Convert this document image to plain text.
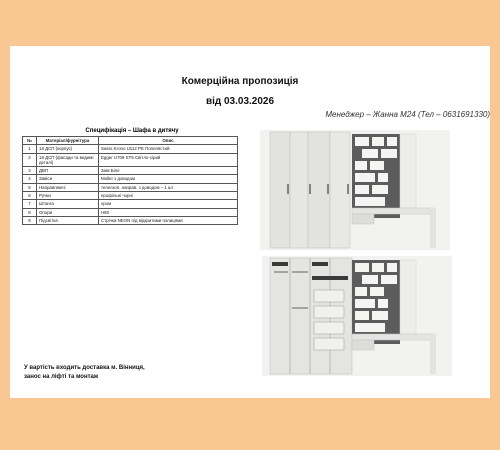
Комерційна пропозиція
від 03.03.2026
Менеджер – Жанна М24 (Тел – 0631691330)
Специфікація – Шафа в дитячу
№	Матеріал/фурнітура	Опис
1	18 ДСП (корпус)	Swiss Krono U112 PE Попелястий
2	18 ДСП (фасади та видимі деталі)	Egger U708 ST9 Світло-сірий
3	ДВП	3мм Біле
4	Завіси	Muller з доводом
5	Направляючі	телескоп. направ. з доводом – 1 шт
6	Ручки	профільні чорні
7	Штанга	хром
8	Опори	H80
9	Підсвітка	Стрічка NEON під відкритими полицями
У вартість входить доставка м. Вінниця,
занос на ліфті та монтаж
